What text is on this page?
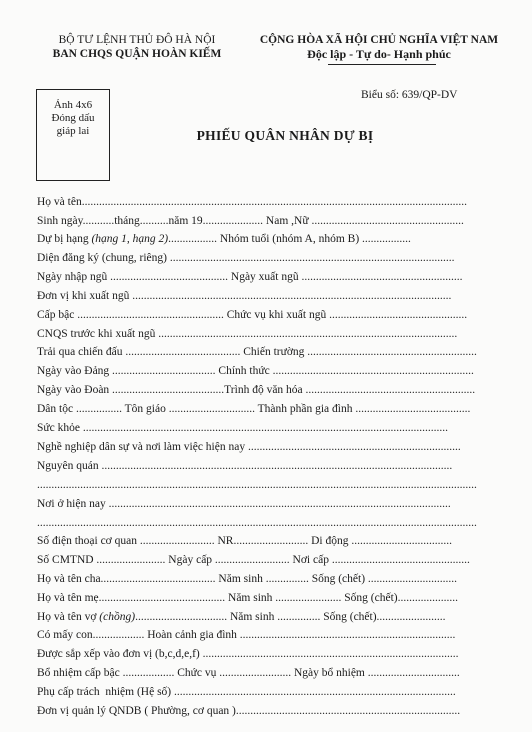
BỘ TƯ LỆNH THỦ ĐÔ HÀ NỘI
BAN CHQS QUẬN HOÀN KIẾM
CỘNG HÒA XÃ HỘI CHỦ NGHĨA VIỆT NAM
Độc lập - Tự do- Hạnh phúc
Biểu số: 639/QP-DV
Ảnh 4x6
Đóng dấu
giáp lai	PHIẾU QUÂN NHÂN DỰ BỊ
Họ và tên......................................................................................................................................
Sinh ngày...........tháng..........năm 19..................... Nam ,Nữ .....................................................
Dự bị hạng (hạng 1, hạng 2)................. Nhóm tuổi (nhóm A, nhóm B) .................
Diện đăng ký (chung, riêng) ...................................................................................................
Ngày nhập ngũ ......................................... Ngày xuất ngũ ........................................................
Đơn vị khi xuất ngũ ...............................................................................................................
Cấp bậc ................................................... Chức vụ khi xuất ngũ ................................................
CNQS trước khi xuất ngũ ........................................................................................................
Trải qua chiến đấu ........................................ Chiến trường ...........................................................
Ngày vào Đảng .................................... Chính thức ......................................................................
Ngày vào Đoàn .......................................Trình độ văn hóa ...........................................................
Dân tộc ................ Tôn giáo .............................. Thành phần gia đình ........................................
Sức khỏe ...............................................................................................................................
Nghề nghiệp dân sự và nơi làm việc hiện nay ..........................................................................
Nguyên quán ..........................................................................................................................
.........................................................................................................................................................
Nơi ở hiện nay .......................................................................................................................
.........................................................................................................................................................
Số điện thoại cơ quan .......................... NR.......................... Di động ...................................
Số CMTND ........................ Ngày cấp .......................... Nơi cấp ................................................
Họ và tên cha........................................ Năm sinh ............... Sống (chết) ...............................
Họ và tên mẹ............................................ Năm sinh ....................... Sống (chết).....................
Họ và tên vợ (chồng)................................ Năm sinh ............... Sống (chết)........................
Có mấy con.................. Hoàn cảnh gia đình ...........................................................................
Được sắp xếp vào đơn vị (b,c,d,e,f) .........................................................................................
Bổ nhiệm cấp bậc .................. Chức vụ ......................... Ngày bổ nhiệm ................................
Phụ cấp trách  nhiệm (Hệ số) ..................................................................................................
Đơn vị quản lý QNDB ( Phường, cơ quan )..............................................................................
